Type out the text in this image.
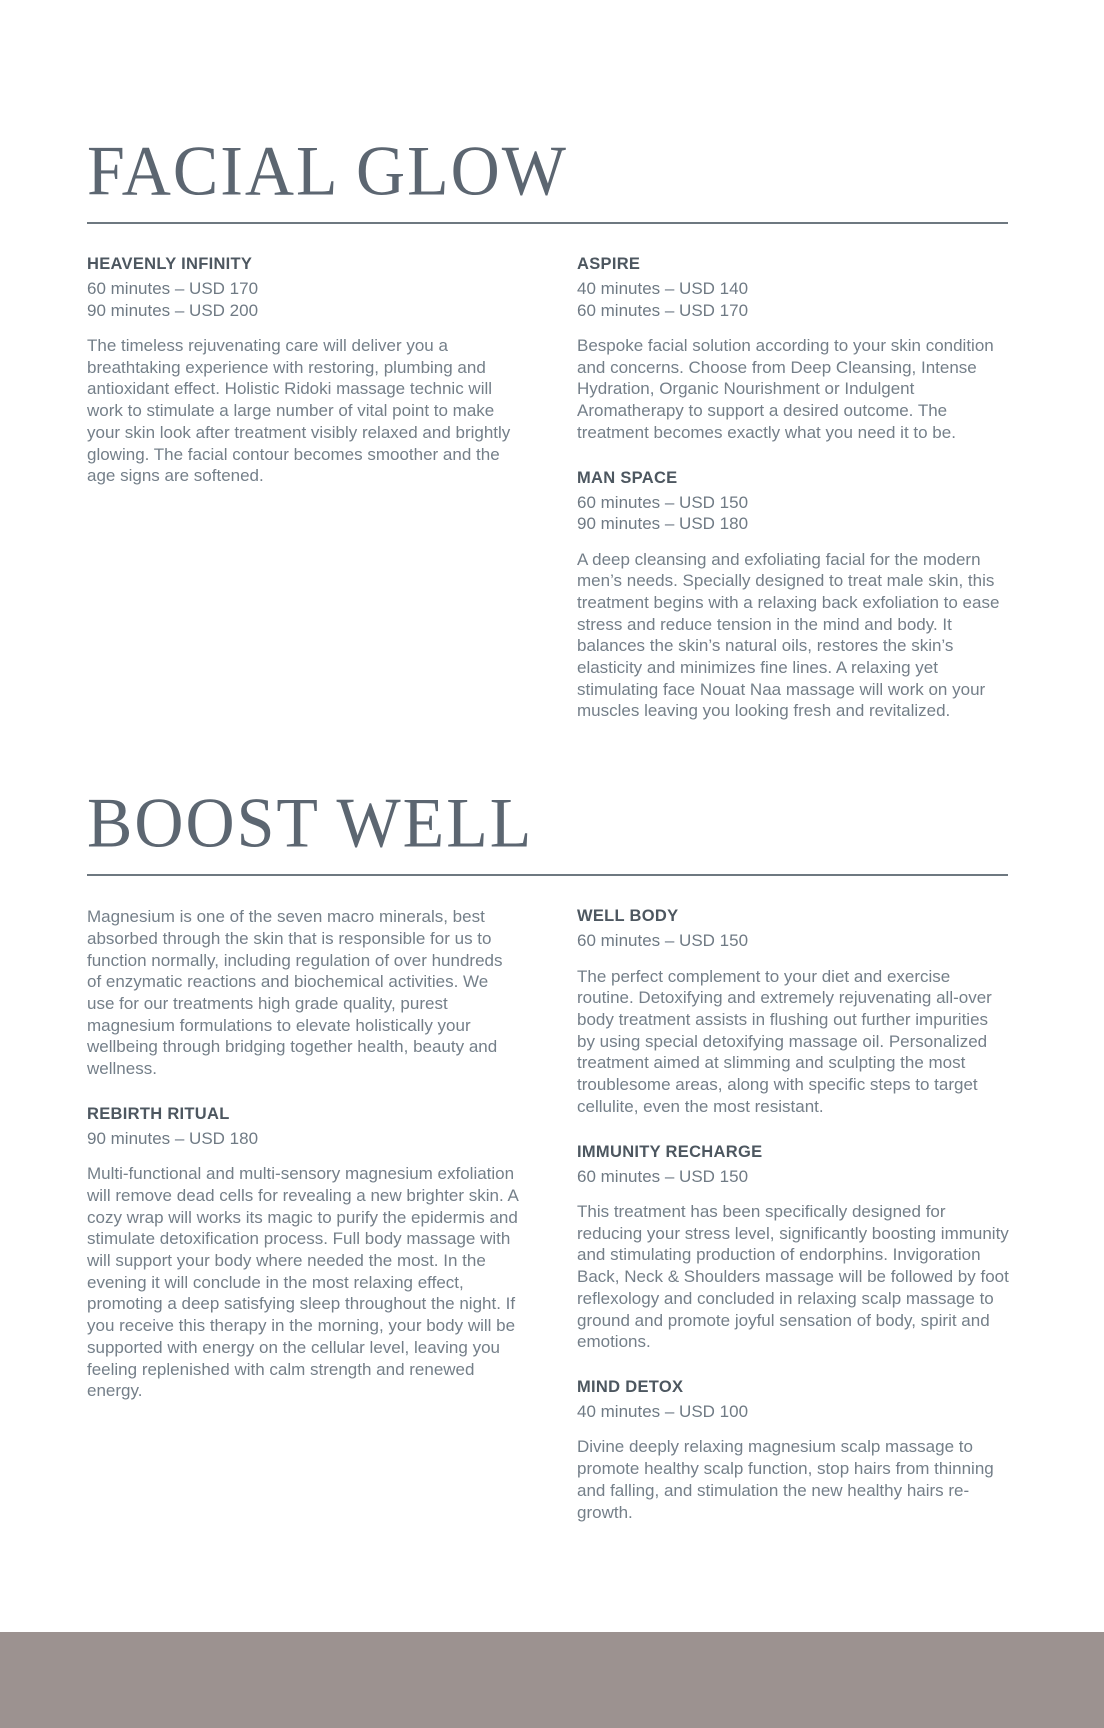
FACIAL GLOW
HEAVENLY INFINITY
60 minutes – USD 170
90 minutes – USD 200

The timeless rejuvenating care will deliver you a breathtaking experience with restoring, plumbing and antioxidant effect. Holistic Ridoki massage technic will work to stimulate a large number of vital point to make your skin look after treatment visibly relaxed and brightly glowing. The facial contour becomes smoother and the age signs are softened.

ASPIRE
40 minutes – USD 140
60 minutes – USD 170

Bespoke facial solution according to your skin condition and concerns. Choose from Deep Cleansing, Intense Hydration, Organic Nourishment or Indulgent Aromatherapy to support a desired outcome. The treatment becomes exactly what you need it to be.

MAN SPACE
60 minutes – USD 150
90 minutes – USD 180

A deep cleansing and exfoliating facial for the modern men’s needs. Specially designed to treat male skin, this treatment begins with a relaxing back exfoliation to ease stress and reduce tension in the mind and body. It balances the skin’s natural oils, restores the skin’s elasticity and minimizes fine lines. A relaxing yet stimulating face Nouat Naa massage will work on your muscles leaving you looking fresh and revitalized.

BOOST WELL

Magnesium is one of the seven macro minerals, best absorbed through the skin that is responsible for us to function normally, including regulation of over hundreds of enzymatic reactions and biochemical activities. We use for our treatments high grade quality, purest magnesium formulations to elevate holistically your wellbeing through bridging together health, beauty and wellness.

REBIRTH RITUAL
90 minutes – USD 180

Multi-functional and multi-sensory magnesium exfoliation will remove dead cells for revealing a new brighter skin. A cozy wrap will works its magic to purify the epidermis and stimulate detoxification process. Full body massage with will support your body where needed the most. In the evening it will conclude in the most relaxing effect, promoting a deep satisfying sleep throughout the night. If you receive this therapy in the morning, your body will be supported with energy on the cellular level, leaving you feeling replenished with calm strength and renewed energy.

WELL BODY
60 minutes – USD 150

The perfect complement to your diet and exercise routine. Detoxifying and extremely rejuvenating all-over body treatment assists in flushing out further impurities by using special detoxifying massage oil. Personalized treatment aimed at slimming and sculpting the most troublesome areas, along with specific steps to target cellulite, even the most resistant.

IMMUNITY RECHARGE
60 minutes – USD 150

This treatment has been specifically designed for reducing your stress level, significantly boosting immunity and stimulating production of endorphins. Invigoration Back, Neck & Shoulders massage will be followed by foot reflexology and concluded in relaxing scalp massage to ground and promote joyful sensation of body, spirit and emotions.

MIND DETOX
40 minutes – USD 100

Divine deeply relaxing magnesium scalp massage to promote healthy scalp function, stop hairs from thinning and falling, and stimulation the new healthy hairs re-growth.
